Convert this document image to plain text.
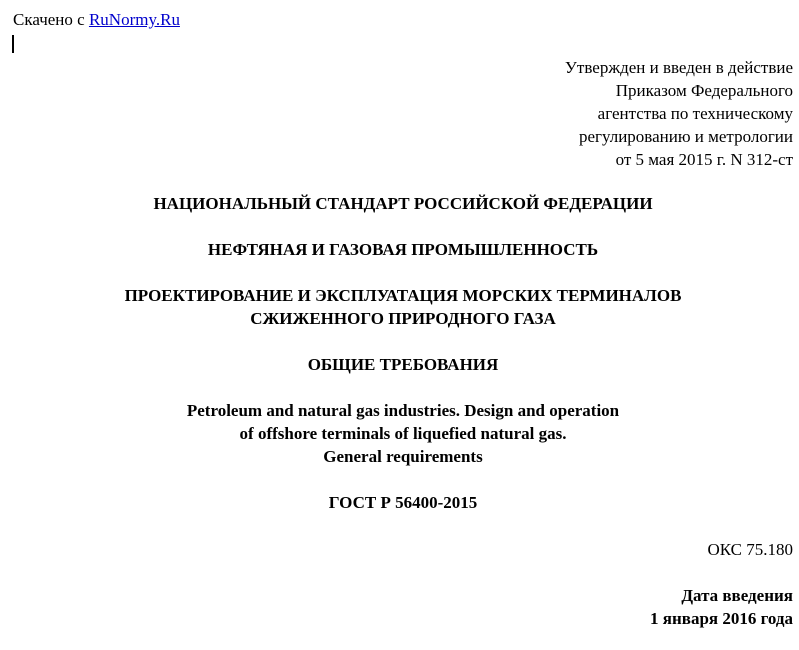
Скачено с RuNormy.Ru
Утвержден и введен в действие
Приказом Федерального
агентства по техническому
регулированию и метрологии
от 5 мая 2015 г. N 312-ст
НАЦИОНАЛЬНЫЙ СТАНДАРТ РОССИЙСКОЙ ФЕДЕРАЦИИ
НЕФТЯНАЯ И ГАЗОВАЯ ПРОМЫШЛЕННОСТЬ
ПРОЕКТИРОВАНИЕ И ЭКСПЛУАТАЦИЯ МОРСКИХ ТЕРМИНАЛОВ
СЖИЖЕННОГО ПРИРОДНОГО ГАЗА
ОБЩИЕ ТРЕБОВАНИЯ
Petroleum and natural gas industries. Design and operation
of offshore terminals of liquefied natural gas.
General requirements
ГОСТ Р 56400-2015
ОКС 75.180
Дата введения
1 января 2016 года
